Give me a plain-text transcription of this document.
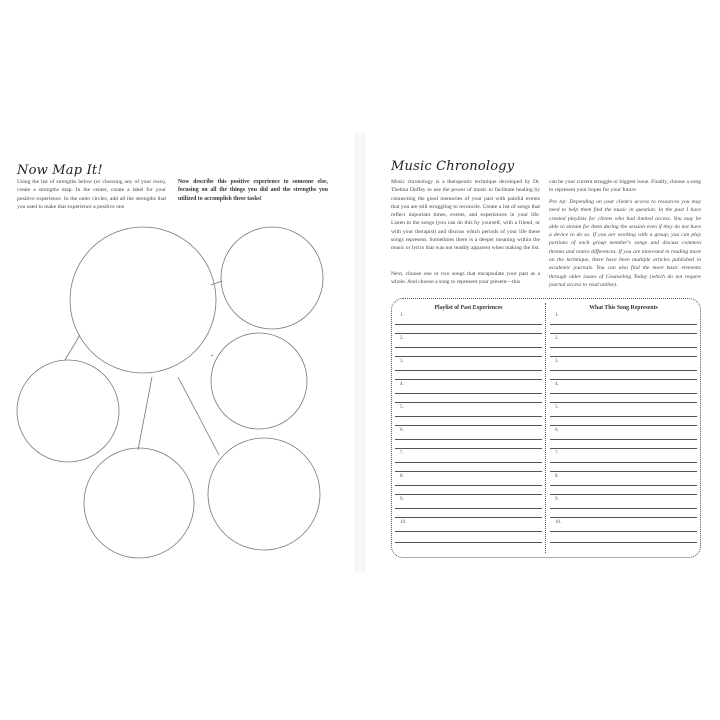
Now Map It!

Using the list of strengths below (or choosing any of your own), create a strengths map. In the center, create a label for your positive experience. In the outer circles, add all the strengths that you used to make that experience a positive one

Now describe this positive experience to someone else, focusing on all the things you did and the strengths you utilized to accomplish these tasks!

Music Chronology

Music chronology is a therapeutic technique developed by Dr. Thelma Duffey to use the power of music to facilitate healing by connecting the good memories of your past with painful events that you are still struggling to reconcile. Create a list of songs that reflect important times, events, and experiences in your life. Listen to the songs (you can do this by yourself, with a friend, or with your therapist) and discuss which periods of your life these songs represent. Sometimes there is a deeper meaning within the music or lyrics that was not readily apparent when making the list.

Next, choose one or two songs that encapsulate your past as a whole. And choose a song to represent your present—this

can be your current struggle or biggest issue. Finally, choose a song to represent your hopes for your future.

Pro tip: Depending on your client's access to resources you may need to help them find the music in question. In the past I have created playlists for clients who had limited access. You may be able to stream for them during the session even if they do not have a device to do so. If you are working with a group, you can play portions of each group member's songs and discuss common themes and notice differences. If you are interested in reading more on the technique, there have been multiple articles published in academic journals. You can also find the more basic elements through older issues of Counseling Today (which do not require journal access to read online).

Playlist of Past Experiences	What This Song Represents
1.	1.
2.	2.
3.	3.
4.	4.
5.	5.
6.	6.
7.	7.
8.	8.
9.	9.
10.	10.
